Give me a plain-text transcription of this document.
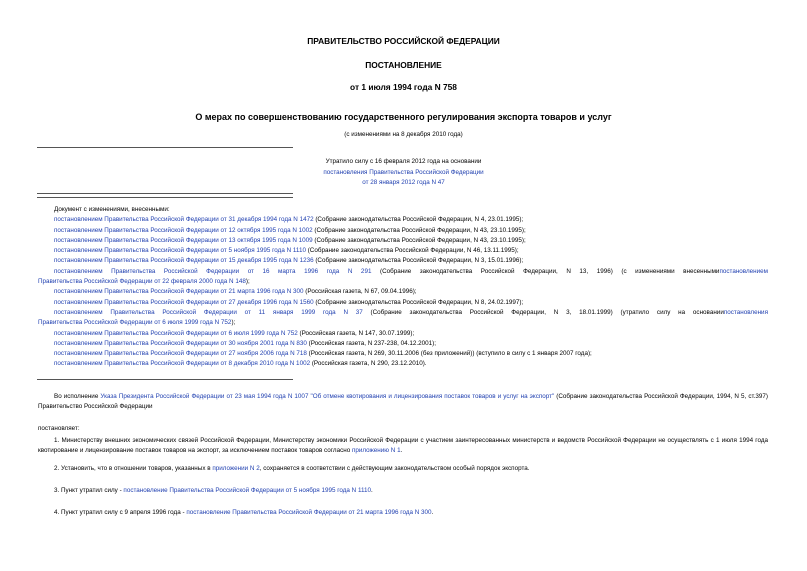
ПРАВИТЕЛЬСТВО РОССИЙСКОЙ ФЕДЕРАЦИИ
ПОСТАНОВЛЕНИЕ
от 1 июля 1994 года N 758
О мерах по совершенствованию государственного регулирования экспорта товаров и услуг
(с изменениями на 8 декабря 2010 года)
Утратило силу с 16 февраля 2012 года на основании
постановления Правительства Российской Федерации
от 28 января 2012 года N 47
Документ с изменениями, внесенными:
постановлением Правительства Российской Федерации от 31 декабря 1994 года N 1472 (Собрание законодательства Российской Федерации, N 4, 23.01.1995);
постановлением Правительства Российской Федерации от 12 октября 1995 года N 1002 (Собрание законодательства Российской Федерации, N 43, 23.10.1995);
постановлением Правительства Российской Федерации от 13 октября 1995 года N 1009 (Собрание законодательства Российской Федерации, N 43, 23.10.1995);
постановлением Правительства Российской Федерации от 5 ноября 1995 года N 1110 (Собрание законодательства Российской Федерации, N 46, 13.11.1995);
постановлением Правительства Российской Федерации от 15 декабря 1995 года N 1236 (Собрание законодательства Российской Федерации, N 3, 15.01.1996);
постановлением Правительства Российской Федерации от 16 марта 1996 года N 291 (Собрание законодательства Российской Федерации, N 13, 1996) (с изменениями внесеннымипостановлением
Правительства Российской Федерации от 22 февраля 2000 года N 148);
постановлением Правительства Российской Федерации от 21 марта 1996 года N 300 (Российская газета, N 67, 09.04.1996);
постановлением Правительства Российской Федерации от 27 декабря 1996 года N 1560 (Собрание законодательства Российской Федерации, N 8, 24.02.1997);
постановлением Правительства Российской Федерации от 11 января 1999 года N 37 (Собрание законодательства Российской Федерации, N 3, 18.01.1999) (утратило силу на основаниипостановления
Правительства Российской Федерации от 6 июля 1999 года N 752);
постановлением Правительства Российской Федерации от 6 июля 1999 года N 752 (Российская газета, N 147, 30.07.1999);
постановлением Правительства Российской Федерации от 30 ноября 2001 года N 830 (Российская газета, N 237-238, 04.12.2001);
постановлением Правительства Российской Федерации от 27 ноября 2006 года N 718 (Российская газета, N 269, 30.11.2006 (без приложений)) (вступило в силу с 1 января 2007 года);
постановлением Правительства Российской Федерации от 8 декабря 2010 года N 1002 (Российская газета, N 290, 23.12.2010).
Во исполнение Указа Президента Российской Федерации от 23 мая 1994 года N 1007 "Об отмене квотирования и лицензирования поставок товаров и услуг на экспорт" (Собрание законодательства Российской Федерации, 1994, N 5, ст.397) Правительство Российской Федерации
постановляет:
1. Министерству внешних экономических связей Российской Федерации, Министерству экономики Российской Федерации с участием заинтересованных министерств и ведомств Российской Федерации не осуществлять с 1 июля 1994 года квотирование и лицензирование поставок товаров на экспорт, за исключением поставок товаров согласно приложению N 1.
2. Установить, что в отношении товаров, указанных в приложении N 2, сохраняется в соответствии с действующим законодательством особый порядок экспорта.
3. Пункт утратил силу - постановление Правительства Российской Федерации от 5 ноября 1995 года N 1110.
4. Пункт утратил силу с 9 апреля 1996 года - постановление Правительства Российской Федерации от 21 марта 1996 года N 300.
